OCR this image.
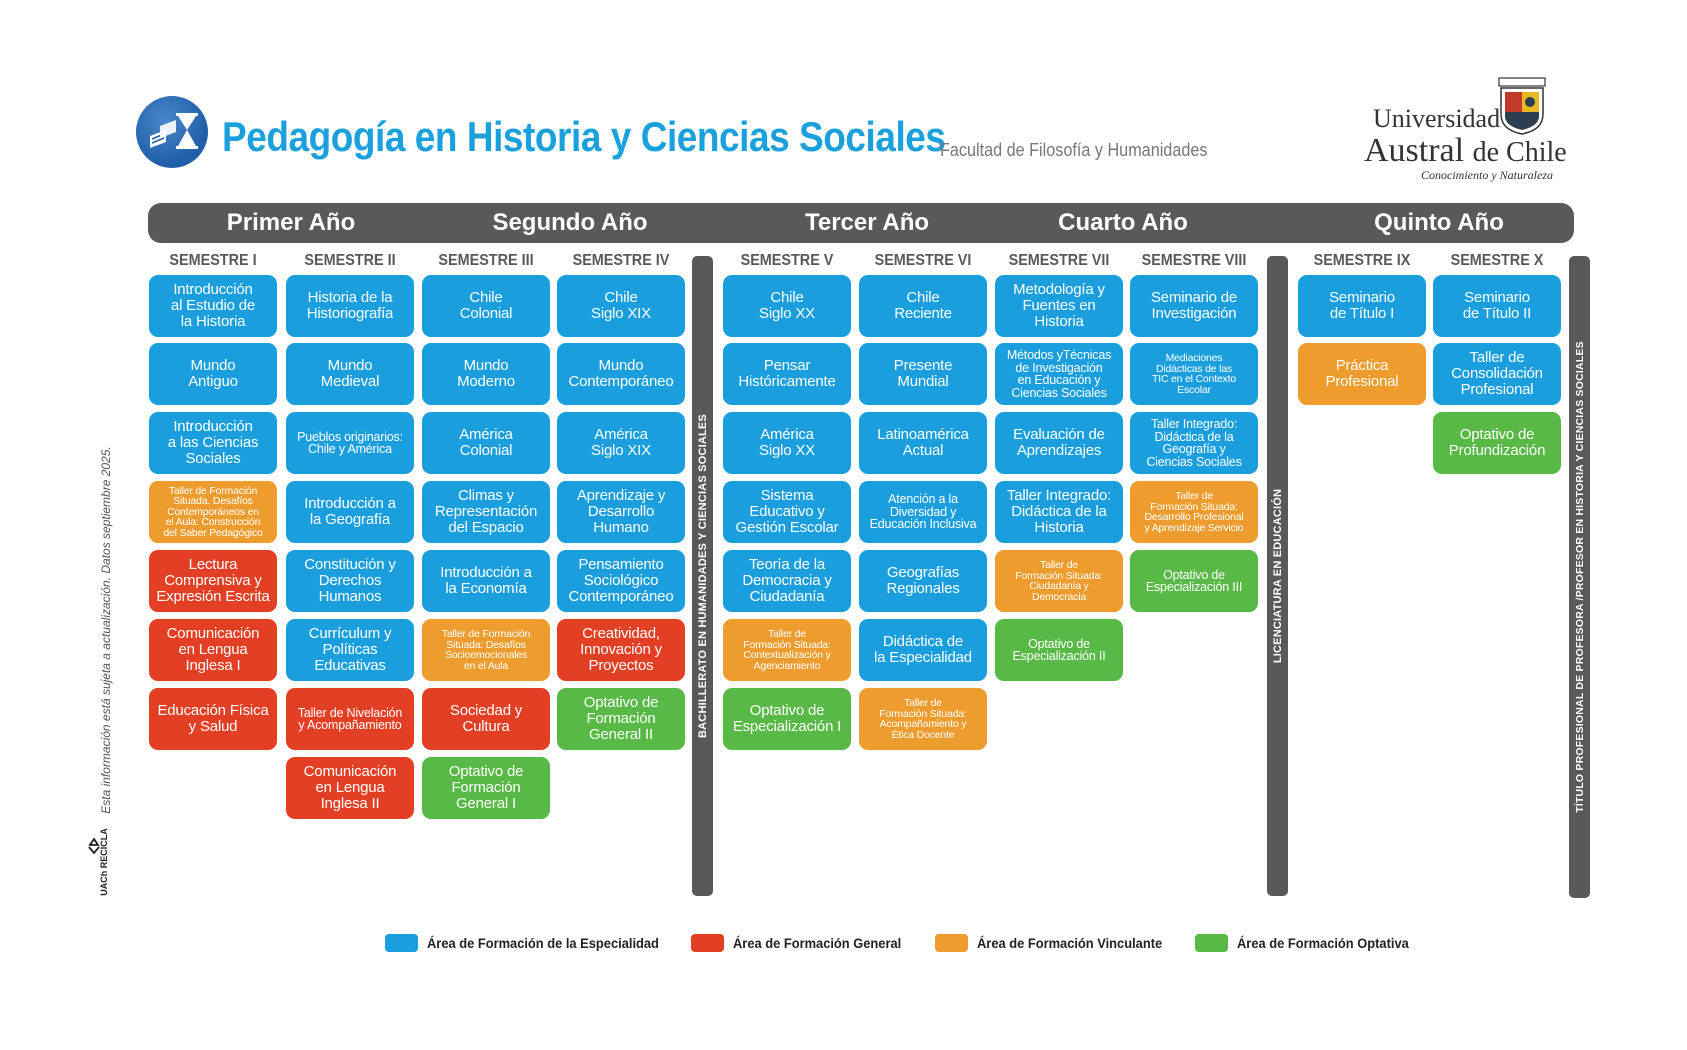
Pedagogía en Historia y Ciencias Sociales
Facultad de Filosofía y Humanidades
Universidad
Austral de Chile
Conocimiento y Naturaleza
Primer Año	Segundo Año	Tercer Año	Cuarto Año	Quinto Año
SEMESTRE I
Introducción
al Estudio de
la Historia
Mundo
Antiguo
Introducción
a las Ciencias
Sociales
Taller de Formación
Situada. Desafíos
Contemporáneos en
el Aula: Construcción
del Saber Pedagógico
Lectura
Comprensiva y
Expresión Escrita
Comunicación
en Lengua
Inglesa I
Educación Física
y Salud
SEMESTRE II
Historia de la
Historiografía
Mundo
Medieval
Pueblos originarios:
Chile y América
Introducción a
la Geografía
Constitución y
Derechos
Humanos
Currículum y
Políticas
Educativas
Taller de Nivelación
y Acompañamiento
Comunicación
en Lengua
Inglesa II
SEMESTRE III
Chile
Colonial
Mundo
Moderno
América
Colonial
Climas y
Representación
del Espacio
Introducción a
la Economía
Taller de Formación
Situada: Desafíos
Socioemocionales
en el Aula
Sociedad y
Cultura
Optativo de
Formación
General I
SEMESTRE IV
Chile
Siglo XIX
Mundo
Contemporáneo
América
Siglo XIX
Aprendizaje y
Desarrollo
Humano
Pensamiento
Sociológico
Contemporáneo
Creatividad,
Innovación y
Proyectos
Optativo de
Formación
General II
SEMESTRE V
Chile
Siglo XX
Pensar
Históricamente
América
Siglo XX
Sistema
Educativo y
Gestión Escolar
Teoría de la
Democracia y
Ciudadanía
Taller de
Formación Situada:
Contextualización y
Agenciamiento
Optativo de
Especialización I
SEMESTRE VI
Chile
Reciente
Presente
Mundial
Latinoamérica
Actual
Atención a la
Diversidad y
Educación Inclusiva
Geografías
Regionales
Didáctica de
la Especialidad
Taller de
Formación Situada:
Acompañamiento y
Ética Docente
SEMESTRE VII
Metodología y
Fuentes en
Historia
Métodos yTécnicas
de Investigación
en Educación y
Ciencias Sociales
Evaluación de
Aprendizajes
Taller Integrado:
Didáctica de la
Historia
Taller de
Formación Situada:
Ciudadanía y
Democracia
Optativo de
Especialización II
SEMESTRE VIII
Seminario de
Investigación
Mediaciones
Didácticas de las
TIC en el Contexto
Escolar
Taller Integrado:
Didáctica de la
Geografía y
Ciencias Sociales
Taller de
Formación Situada:
Desarrollo Profesional
y Aprendizaje Servicio
Optativo de
Especialización III
SEMESTRE IX
Seminario
de Título I
Práctica
Profesional
SEMESTRE X
Seminario
de Título II
Taller de
Consolidación
Profesional
Optativo de
Profundización
BACHILLERATO EN HUMANIDADES Y CIENCIAS SOCIALES	LICENCIATURA EN EDUCACIÓN	TÍTULO PROFESIONAL DE PROFESORA /PROFESOR EN HISTORIA Y CIENCIAS SOCIALES
Área de Formación de la Especialidad	Área de Formación General	Área de Formación Vinculante	Área de Formación Optativa
Esta información está sujeta a actualización. Datos septiembre 2025.
UACh RECICLA
